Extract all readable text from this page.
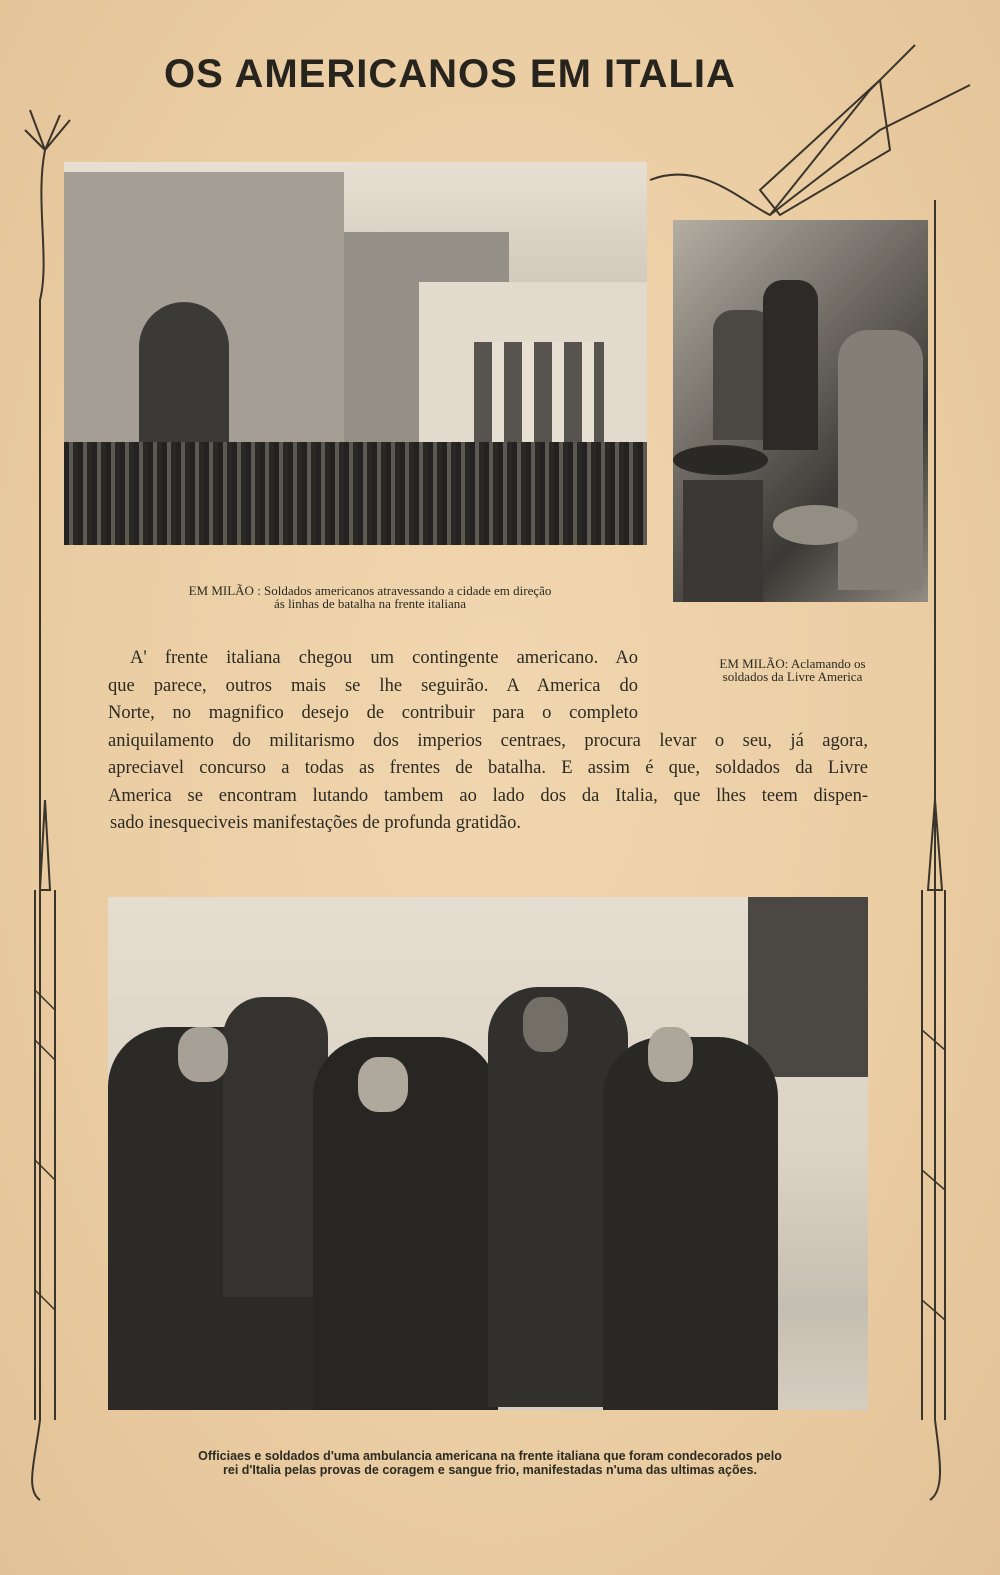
OS AMERICANOS EM ITALIA
EM MILÃO : Soldados americanos atravessando a cidade em direção
ás linhas de batalha na frente italiana
EM MILÃO: Aclamando os
soldados da Livre America
A' frente italiana chegou um contingente americano. Ao
que parece, outros mais se lhe seguirão. A America do
Norte, no magnifico desejo de contribuir para o completo
aniquilamento do militarismo dos imperios centraes, procura levar o seu, já agora,
apreciavel concurso a todas as frentes de batalha. E assim é que, soldados da Livre
America se encontram lutando tambem ao lado dos da Italia, que lhes teem dispen-
sado inesqueciveis manifestações de profunda gratidão.
Officiaes e soldados d'uma ambulancia americana na frente italiana que foram condecorados pelo
rei d'Italia pelas provas de coragem e sangue frio, manifestadas n'uma das ultimas ações.
